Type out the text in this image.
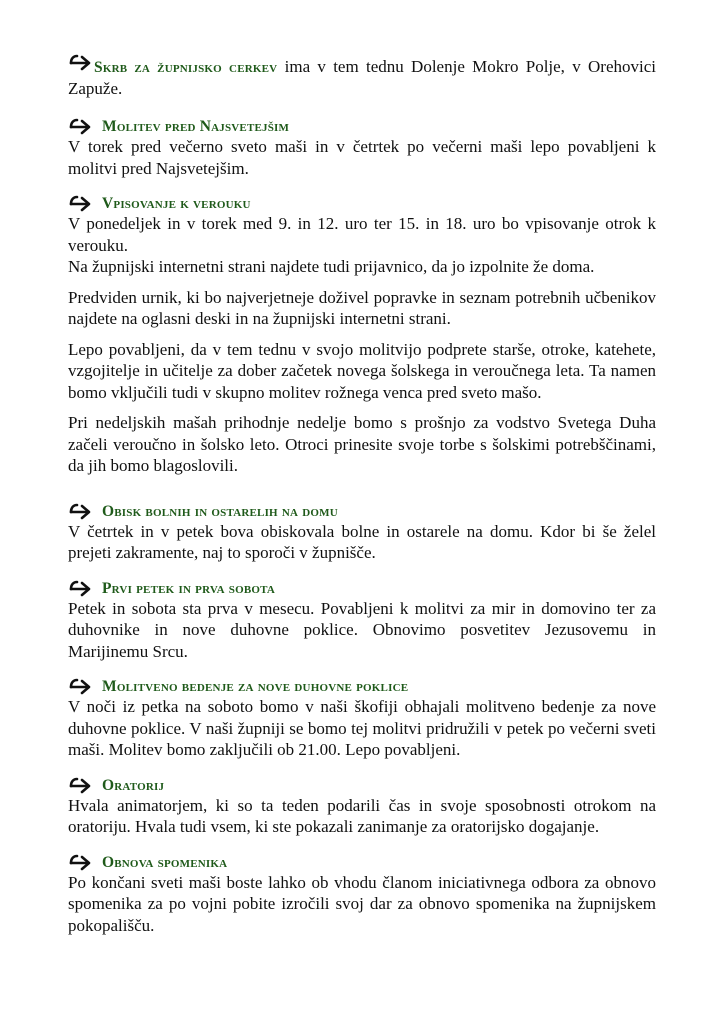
Skrb za župnijsko cerkev ima v tem tednu Dolenje Mokro Polje, v Orehovici Zapuže.

Molitev pred Najsvetejšim

V torek pred večerno sveto maši in v četrtek po večerni maši lepo povabljeni k molitvi pred Najsvetejšim.

Vpisovanje k verouku

V ponedeljek in v torek med 9. in 12. uro ter 15. in 18. uro bo vpisovanje otrok k verouku.

Na župnijski internetni strani najdete tudi prijavnico, da jo izpolnite že doma.

Predviden urnik, ki bo najverjetneje doživel popravke in seznam potrebnih učbenikov najdete na oglasni deski in na župnijski internetni strani.

Lepo povabljeni, da v tem tednu v svojo molitvijo podprete starše, otroke, katehete, vzgojitelje in učitelje za dober začetek novega šolskega in veroučnega leta. Ta namen bomo vključili tudi v skupno molitev rožnega venca pred sveto mašo.

Pri nedeljskih mašah prihodnje nedelje bomo s prošnjo za vodstvo Svetega Duha začeli veroučno in šolsko leto. Otroci prinesite svoje torbe s šolskimi potrebščinami, da jih bomo blagoslovili.

Obisk bolnih in ostarelih na domu

V četrtek in v petek bova obiskovala bolne in ostarele na domu. Kdor bi še želel prejeti zakramente, naj to sporoči v župnišče.

Prvi petek in prva sobota

Petek in sobota sta prva v mesecu. Povabljeni k molitvi za mir in domovino ter za duhovnike in nove duhovne poklice. Obnovimo posvetitev Jezusovemu in Marijinemu Srcu.

Molitveno bedenje za nove duhovne poklice

V noči iz petka na soboto bomo v naši škofiji obhajali molitveno bedenje za nove duhovne poklice. V naši župniji se bomo tej molitvi pridružili v petek po večerni sveti maši. Molitev bomo zaključili ob 21.00. Lepo povabljeni.

Oratorij

Hvala animatorjem, ki so ta teden podarili čas in svoje sposobnosti otrokom na oratoriju. Hvala tudi vsem, ki ste pokazali zanimanje za oratorijsko dogajanje.

Obnova spomenika

Po končani sveti maši boste lahko ob vhodu članom iniciativnega odbora za obnovo spomenika za po vojni pobite izročili svoj dar za obnovo spomenika na župnijskem pokopališču.
